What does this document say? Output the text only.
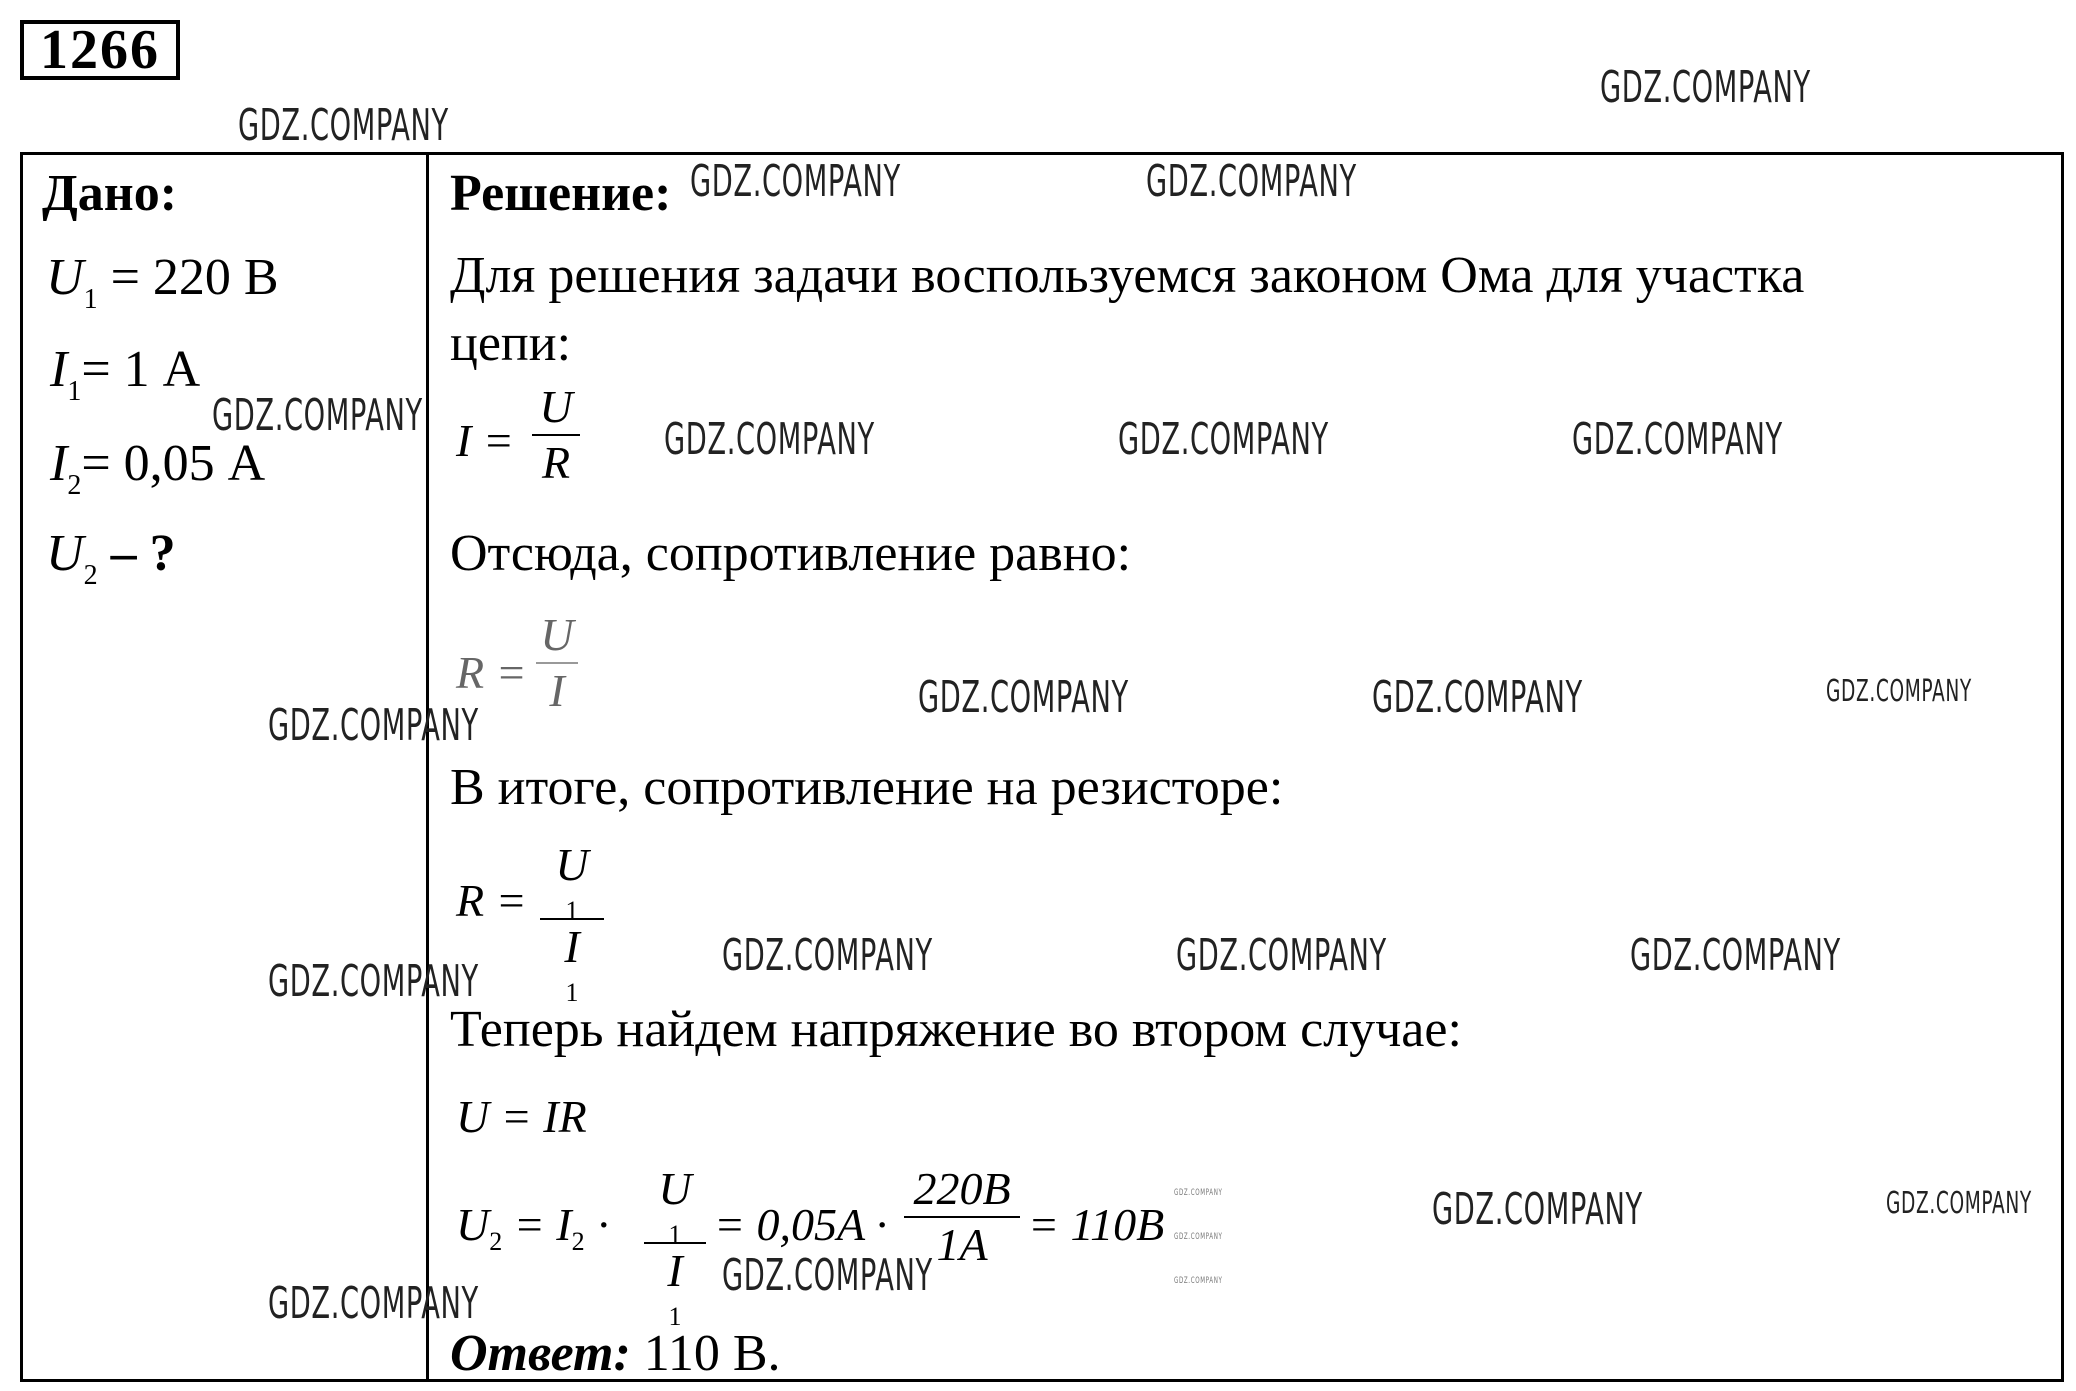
1266
Дано:
$U_1 = 220$ В
$I_1= 1$ А
$I_2= 0,05$ А
$U_2$ – ?
Решение:
Для решения задачи воспользуемся законом Ома для участка
цепи:
I =
U
R
Отсюда, сопротивление равно:
R =
U
I
В итоге, сопротивление на резисторе:
R =
U
1
I
1
Теперь найдем напряжение во втором случае:
U = IR
$U_2 = I_2$ ·
U
1
I
1
= 0,05A ·
220B
1A = 110B
Ответ: 110 В.
GDZ.COMPANY
GDZ.COMPANY
GDZ.COMPANY	GDZ.COMPANY
GDZ.COMPANY	GDZ.COMPANY	GDZ.COMPANY	GDZ.COMPANY
GDZ.COMPANY
GDZ.COMPANY	GDZ.COMPANY	GDZ.COMPANY
GDZ.COMPANY
GDZ.COMPANY	GDZ.COMPANY	GDZ.COMPANY
GDZ.COMPANY	GDZ.COMPANY
GDZ.COMPANY
GDZ.COMPANY
GDZ.COMPANY
GDZ.COMPANY
GDZ.COMPANY
